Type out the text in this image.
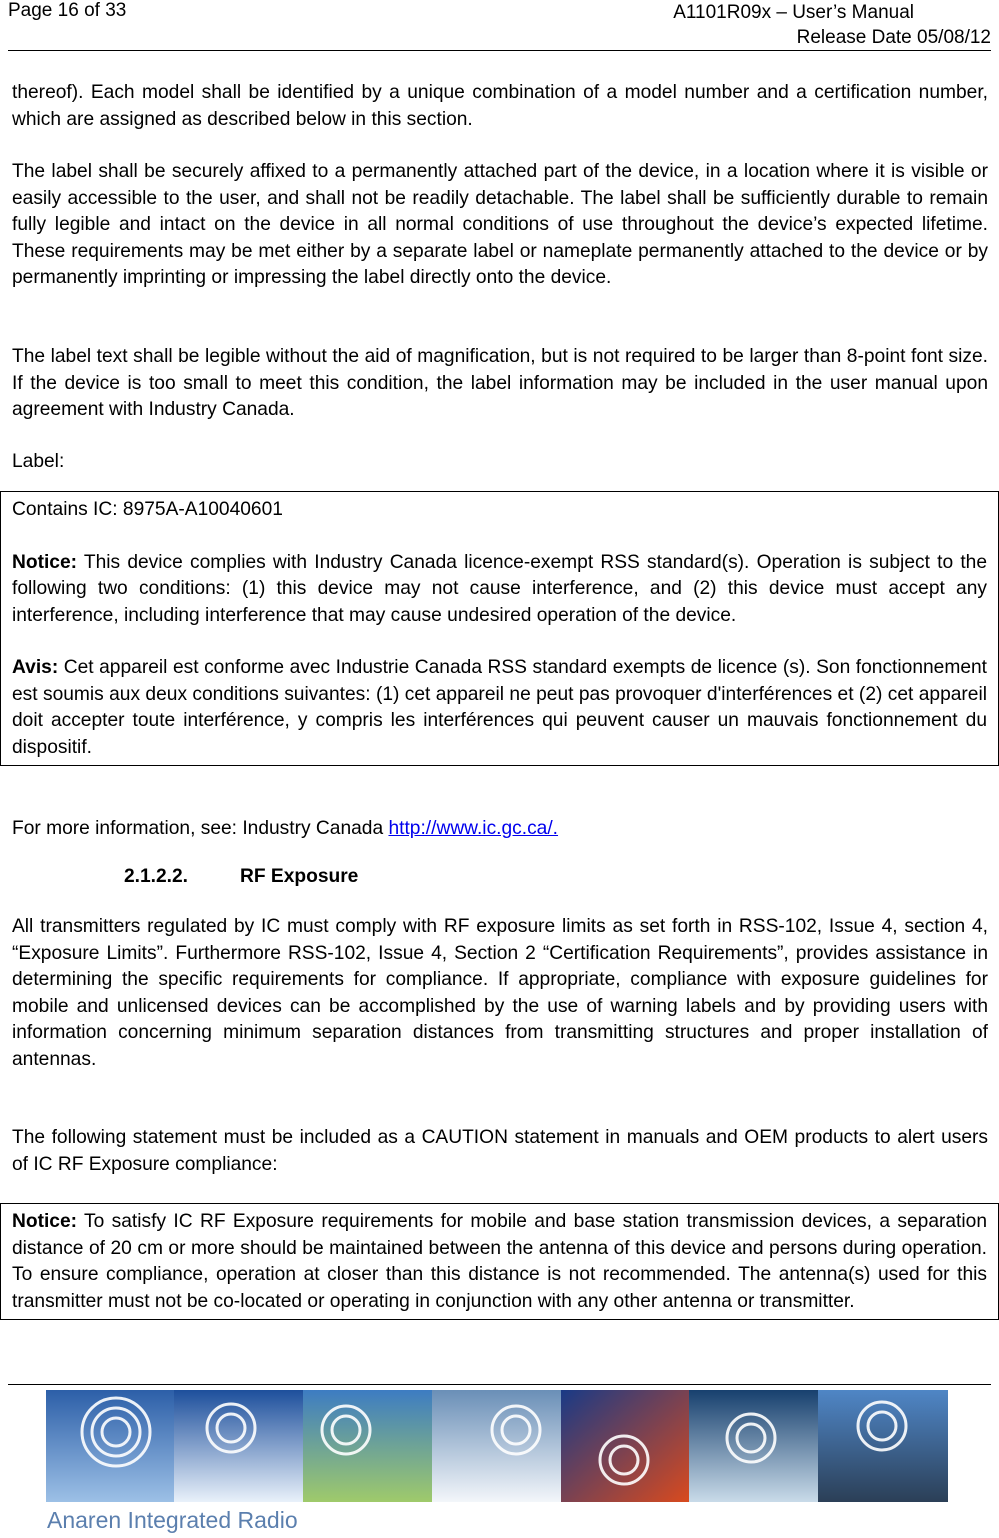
Page 16 of 33	A1101R09x – User’s Manual
Release Date 05/08/12
thereof). Each model shall be identified by a unique combination of a model number and a certification number, which are assigned as described below in this section.
The label shall be securely affixed to a permanently attached part of the device, in a location where it is visible or easily accessible to the user, and shall not be readily detachable. The label shall be sufficiently durable to remain fully legible and intact on the device in all normal conditions of use throughout the device’s expected lifetime. These requirements may be met either by a separate label or nameplate permanently attached to the device or by permanently imprinting or impressing the label directly onto the device.
The label text shall be legible without the aid of magnification, but is not required to be larger than 8-point font size. If the device is too small to meet this condition, the label information may be included in the user manual upon agreement with Industry Canada.
Label:

Contains IC: 8975A-A10040601

Notice: This device complies with Industry Canada licence-exempt RSS standard(s). Operation is subject to the following two conditions: (1) this device may not cause interference, and (2) this device must accept any interference, including interference that may cause undesired operation of the device.

Avis: Cet appareil est conforme avec Industrie Canada RSS standard exempts de licence (s). Son fonctionnement est soumis aux deux conditions suivantes: (1) cet appareil ne peut pas provoquer d'interférences et (2) cet appareil doit accepter toute interférence, y compris les interférences qui peuvent causer un mauvais fonctionnement du dispositif.

For more information, see: Industry Canada http://www.ic.gc.ca/.
2.1.2.2.	RF Exposure
All transmitters regulated by IC must comply with RF exposure limits as set forth in RSS-102, Issue 4, section 4, “Exposure Limits”. Furthermore RSS-102, Issue 4, Section 2 “Certification Requirements”, provides assistance in determining the specific requirements for compliance. If appropriate, compliance with exposure guidelines for mobile and unlicensed devices can be accomplished by the use of warning labels and by providing users with information concerning minimum separation distances from transmitting structures and proper installation of antennas.
The following statement must be included as a CAUTION statement in manuals and OEM products to alert users of IC RF Exposure compliance:

Notice: To satisfy IC RF Exposure requirements for mobile and base station transmission devices, a separation distance of 20 cm or more should be maintained between the antenna of this device and persons during operation. To ensure compliance, operation at closer than this distance is not recommended. The antenna(s) used for this transmitter must not be co-located or operating in conjunction with any other antenna or transmitter.

Anaren Integrated Radio
